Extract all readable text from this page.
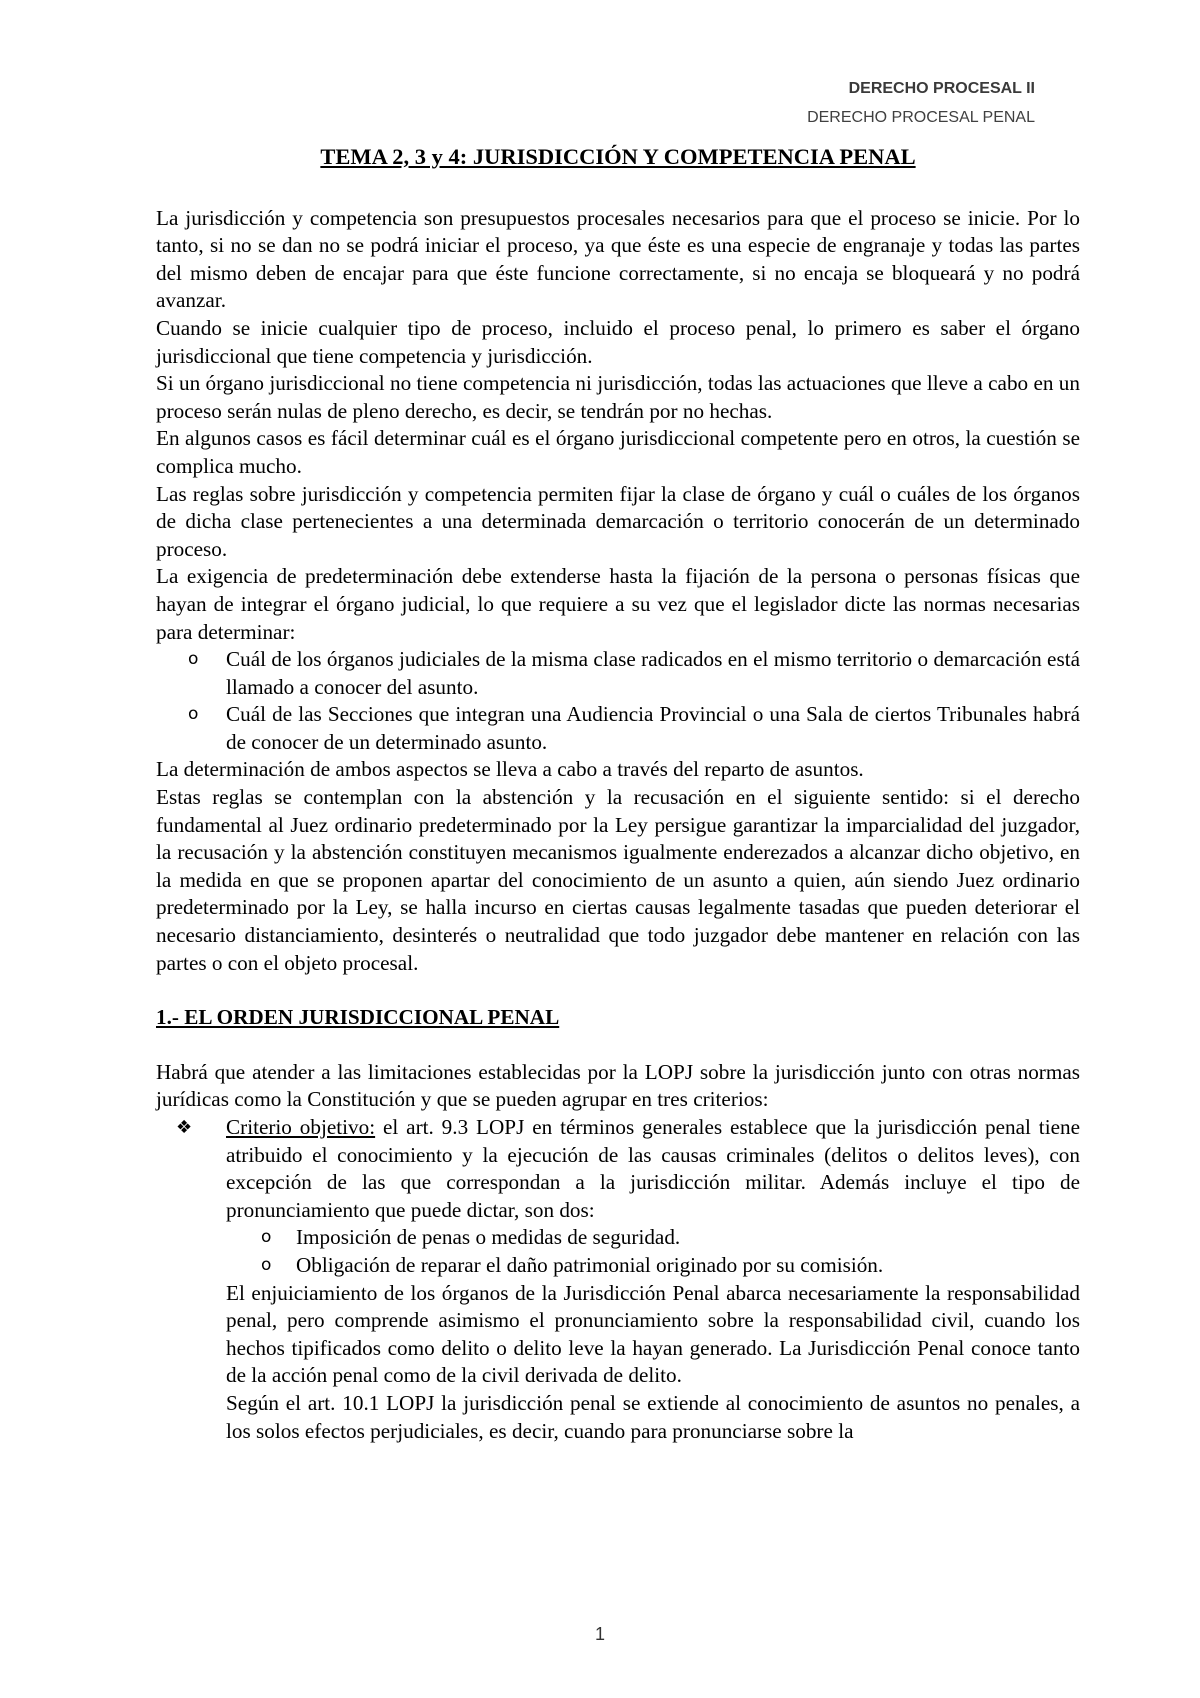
DERECHO PROCESAL II
DERECHO PROCESAL PENAL
TEMA 2, 3 y 4: JURISDICCIÓN Y COMPETENCIA PENAL

La jurisdicción y competencia son presupuestos procesales necesarios para que el proceso se inicie. Por lo tanto, si no se dan no se podrá iniciar el proceso, ya que éste es una especie de engranaje y todas las partes del mismo deben de encajar para que éste funcione correctamente, si no encaja se bloqueará y no podrá avanzar.

Cuando se inicie cualquier tipo de proceso, incluido el proceso penal, lo primero es saber el órgano jurisdiccional que tiene competencia y jurisdicción.

Si un órgano jurisdiccional no tiene competencia ni jurisdicción, todas las actuaciones que lleve a cabo en un proceso serán nulas de pleno derecho, es decir, se tendrán por no hechas.

En algunos casos es fácil determinar cuál es el órgano jurisdiccional competente pero en otros, la cuestión se complica mucho.

Las reglas sobre jurisdicción y competencia permiten fijar la clase de órgano y cuál o cuáles de los órganos de dicha clase pertenecientes a una determinada demarcación o territorio conocerán de un determinado proceso.

La exigencia de predeterminación debe extenderse hasta la fijación de la persona o personas físicas que hayan de integrar el órgano judicial, lo que requiere a su vez que el legislador dicte las normas necesarias para determinar:

o Cuál de los órganos judiciales de la misma clase radicados en el mismo territorio o demarcación está llamado a conocer del asunto.
o Cuál de las Secciones que integran una Audiencia Provincial o una Sala de ciertos Tribunales habrá de conocer de un determinado asunto.

La determinación de ambos aspectos se lleva a cabo a través del reparto de asuntos.

Estas reglas se contemplan con la abstención y la recusación en el siguiente sentido: si el derecho fundamental al Juez ordinario predeterminado por la Ley persigue garantizar la imparcialidad del juzgador, la recusación y la abstención constituyen mecanismos igualmente enderezados a alcanzar dicho objetivo, en la medida en que se proponen apartar del conocimiento de un asunto a quien, aún siendo Juez ordinario predeterminado por la Ley, se halla incurso en ciertas causas legalmente tasadas que pueden deteriorar el necesario distanciamiento, desinterés o neutralidad que todo juzgador debe mantener en relación con las partes o con el objeto procesal.

1.- EL ORDEN JURISDICCIONAL PENAL

Habrá que atender a las limitaciones establecidas por la LOPJ sobre la jurisdicción junto con otras normas jurídicas como la Constitución y que se pueden agrupar en tres criterios:

❖ Criterio objetivo: el art. 9.3 LOPJ en términos generales establece que la jurisdicción penal tiene atribuido el conocimiento y la ejecución de las causas criminales (delitos o delitos leves), con excepción de las que correspondan a la jurisdicción militar. Además incluye el tipo de pronunciamiento que puede dictar, son dos:
o Imposición de penas o medidas de seguridad.
o Obligación de reparar el daño patrimonial originado por su comisión.

El enjuiciamiento de los órganos de la Jurisdicción Penal abarca necesariamente la responsabilidad penal, pero comprende asimismo el pronunciamiento sobre la responsabilidad civil, cuando los hechos tipificados como delito o delito leve la hayan generado. La Jurisdicción Penal conoce tanto de la acción penal como de la civil derivada de delito.

Según el art. 10.1 LOPJ la jurisdicción penal se extiende al conocimiento de asuntos no penales, a los solos efectos perjudiciales, es decir, cuando para pronunciarse sobre la

1
